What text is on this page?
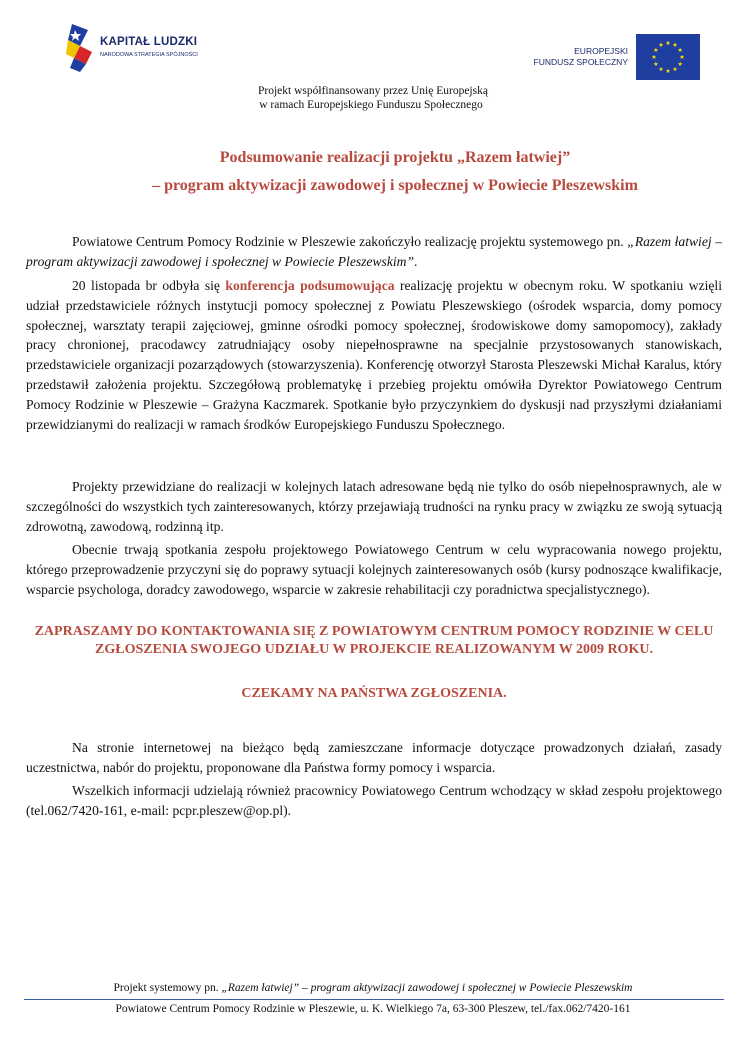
KAPITAŁ LUDZKI
NARODOWA STRATEGIA SPÓJNOŚCI	EUROPEJSKI
FUNDUSZ SPOŁECZNY
Projekt współfinansowany przez Unię Europejską
w ramach Europejskiego Funduszu Społecznego
Podsumowanie realizacji projektu „Razem łatwiej”
– program aktywizacji zawodowej i społecznej w Powiecie Pleszewskim

Powiatowe Centrum Pomocy Rodzinie w Pleszewie zakończyło realizację projektu systemowego pn. „Razem łatwiej – program aktywizacji zawodowej i społecznej w Powiecie Pleszewskim”.

20 listopada br odbyła się konferencja podsumowująca realizację projektu w obecnym roku. W spotkaniu wzięli udział przedstawiciele różnych instytucji pomocy społecznej z Powiatu Pleszewskiego (ośrodek wsparcia, domy pomocy społecznej, warsztaty terapii zajęciowej, gminne ośrodki pomocy społecznej, środowiskowe domy samopomocy), zakłady pracy chronionej, pracodawcy zatrudniający osoby niepełnosprawne na specjalnie przystosowanych stanowiskach, przedstawiciele organizacji pozarządowych (stowarzyszenia). Konferencję otworzył Starosta Pleszewski Michał Karalus, który przedstawił założenia projektu. Szczegółową problematykę i przebieg projektu omówiła Dyrektor Powiatowego Centrum Pomocy Rodzinie w Pleszewie – Grażyna Kaczmarek. Spotkanie było przyczynkiem do dyskusji nad przyszłymi działaniami przewidzianymi do realizacji w ramach środków Europejskiego Funduszu Społecznego.

Projekty przewidziane do realizacji w kolejnych latach adresowane będą nie tylko do osób niepełnosprawnych, ale w szczególności do wszystkich tych zainteresowanych, którzy przejawiają trudności na rynku pracy w związku ze swoją sytuacją zdrowotną, zawodową, rodzinną itp.

Obecnie trwają spotkania zespołu projektowego Powiatowego Centrum w celu wypracowania nowego projektu, którego przeprowadzenie przyczyni się do poprawy sytuacji kolejnych zainteresowanych osób (kursy podnoszące kwalifikacje, wsparcie psychologa, doradcy zawodowego, wsparcie w zakresie rehabilitacji czy poradnictwa specjalistycznego).

ZAPRASZAMY DO KONTAKTOWANIA SIĘ Z POWIATOWYM CENTRUM POMOCY RODZINIE W CELU ZGŁOSZENIA SWOJEGO UDZIAŁU W PROJEKCIE REALIZOWANYM W 2009 ROKU.
CZEKAMY NA PAŃSTWA ZGŁOSZENIA.

Na stronie internetowej na bieżąco będą zamieszczane informacje dotyczące prowadzonych działań, zasady uczestnictwa, nabór do projektu, proponowane dla Państwa formy pomocy i wsparcia.

Wszelkich informacji udzielają również pracownicy Powiatowego Centrum wchodzący w skład zespołu projektowego (tel.062/7420-161, e-mail: pcpr.pleszew@op.pl).

Projekt systemowy pn. „Razem łatwiej” – program aktywizacji zawodowej i społecznej w Powiecie Pleszewskim
Powiatowe Centrum Pomocy Rodzinie w Pleszewie, u. K. Wielkiego 7a, 63-300 Pleszew, tel./fax.062/7420-161
